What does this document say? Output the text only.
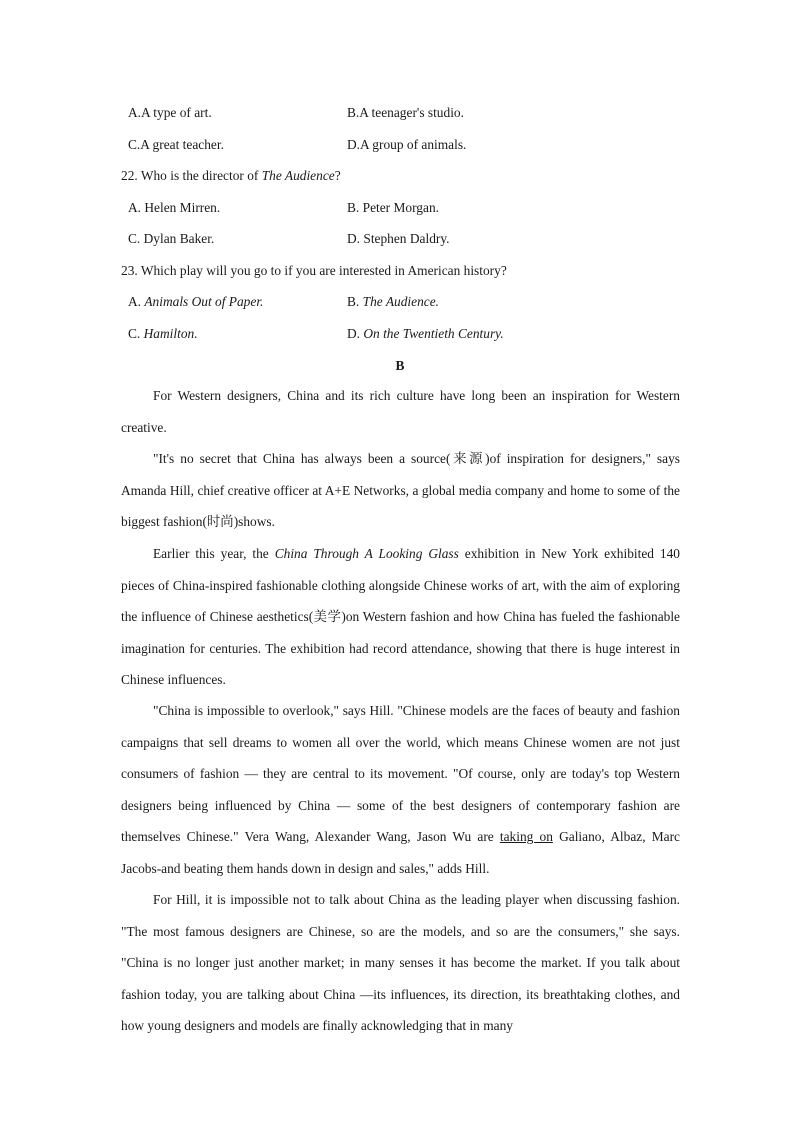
A.A type of art.	B.A teenager's studio.
C.A great teacher.	D.A group of animals.
22. Who is the director of The Audience?
A. Helen Mirren.	B. Peter Morgan.
C. Dylan Baker.	D. Stephen Daldry.
23. Which play will you go to if you are interested in American history?
A. Animals Out of Paper.	B. The Audience.
C. Hamilton.	D. On the Twentieth Century.
B

For Western designers, China and its rich culture have long been an inspiration for Western creative.

"It's no secret that China has always been a source(来源)of inspiration for designers," says Amanda Hill, chief creative officer at A+E Networks, a global media company and home to some of the biggest fashion(时尚)shows.

Earlier this year, the China Through A Looking Glass exhibition in New York exhibited 140 pieces of China-inspired fashionable clothing alongside Chinese works of art, with the aim of exploring the influence of Chinese aesthetics(美学)on Western fashion and how China has fueled the fashionable imagination for centuries. The exhibition had record attendance, showing that there is huge interest in Chinese influences.

"China is impossible to overlook," says Hill. "Chinese models are the faces of beauty and fashion campaigns that sell dreams to women all over the world, which means Chinese women are not just consumers of fashion — they are central to its movement. "Of course, only are today's top Western designers being influenced by China — some of the best designers of contemporary fashion are themselves Chinese." Vera Wang, Alexander Wang, Jason Wu are taking on Galiano, Albaz, Marc Jacobs-and beating them hands down in design and sales," adds Hill.

For Hill, it is impossible not to talk about China as the leading player when discussing fashion. "The most famous designers are Chinese, so are the models, and so are the consumers," she says. "China is no longer just another market; in many senses it has become the market. If you talk about fashion today, you are talking about China —its influences, its direction, its breathtaking clothes, and how young designers and models are finally acknowledging that in many
